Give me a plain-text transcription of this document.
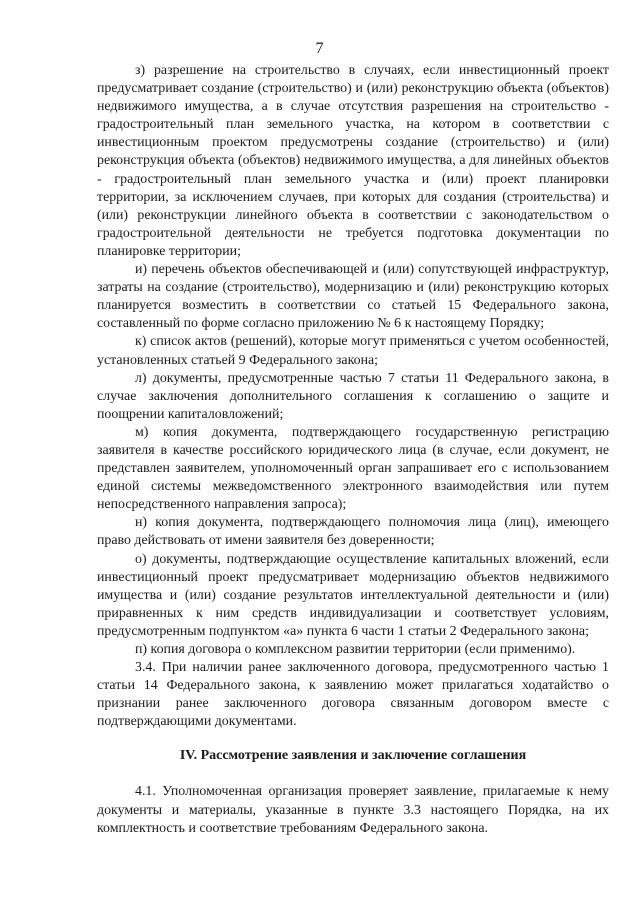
7

з) разрешение на строительство в случаях, если инвестиционный проект предусматривает создание (строительство) и (или) реконструкцию объекта (объектов) недвижимого имущества, а в случае отсутствия разрешения на строительство - градостроительный план земельного участка, на котором в соответствии с инвестиционным проектом предусмотрены создание (строительство) и (или) реконструкция объекта (объектов) недвижимого имущества, а для линейных объектов - градостроительный план земельного участка и (или) проект планировки территории, за исключением случаев, при которых для создания (строительства) и (или) реконструкции линейного объекта в соответствии с законодательством о градостроительной деятельности не требуется подготовка документации по планировке территории;

и) перечень объектов обеспечивающей и (или) сопутствующей инфраструктур, затраты на создание (строительство), модернизацию и (или) реконструкцию которых планируется возместить в соответствии со статьей 15 Федерального закона, составленный по форме согласно приложению № 6 к настоящему Порядку;

к) список актов (решений), которые могут применяться с учетом особенностей, установленных статьей 9 Федерального закона;

л) документы, предусмотренные частью 7 статьи 11 Федерального закона, в случае заключения дополнительного соглашения к соглашению о защите и поощрении капиталовложений;

м) копия документа, подтверждающего государственную регистрацию заявителя в качестве российского юридического лица (в случае, если документ, не представлен заявителем, уполномоченный орган запрашивает его с использованием единой системы межведомственного электронного взаимодействия или путем непосредственного направления запроса);

н) копия документа, подтверждающего полномочия лица (лиц), имеющего право действовать от имени заявителя без доверенности;

о) документы, подтверждающие осуществление капитальных вложений, если инвестиционный проект предусматривает модернизацию объектов недвижимого имущества и (или) создание результатов интеллектуальной деятельности и (или) приравненных к ним средств индивидуализации и соответствует условиям, предусмотренным подпунктом «а» пункта 6 части 1 статьи 2 Федерального закона;

п) копия договора о комплексном развитии территории (если применимо).

3.4. При наличии ранее заключенного договора, предусмотренного частью 1 статьи 14 Федерального закона, к заявлению может прилагаться ходатайство о признании ранее заключенного договора связанным договором вместе с подтверждающими документами.

IV. Рассмотрение заявления и заключение соглашения

4.1. Уполномоченная организация проверяет заявление, прилагаемые к нему документы и материалы, указанные в пункте 3.3 настоящего Порядка, на их комплектность и соответствие требованиям Федерального закона.
